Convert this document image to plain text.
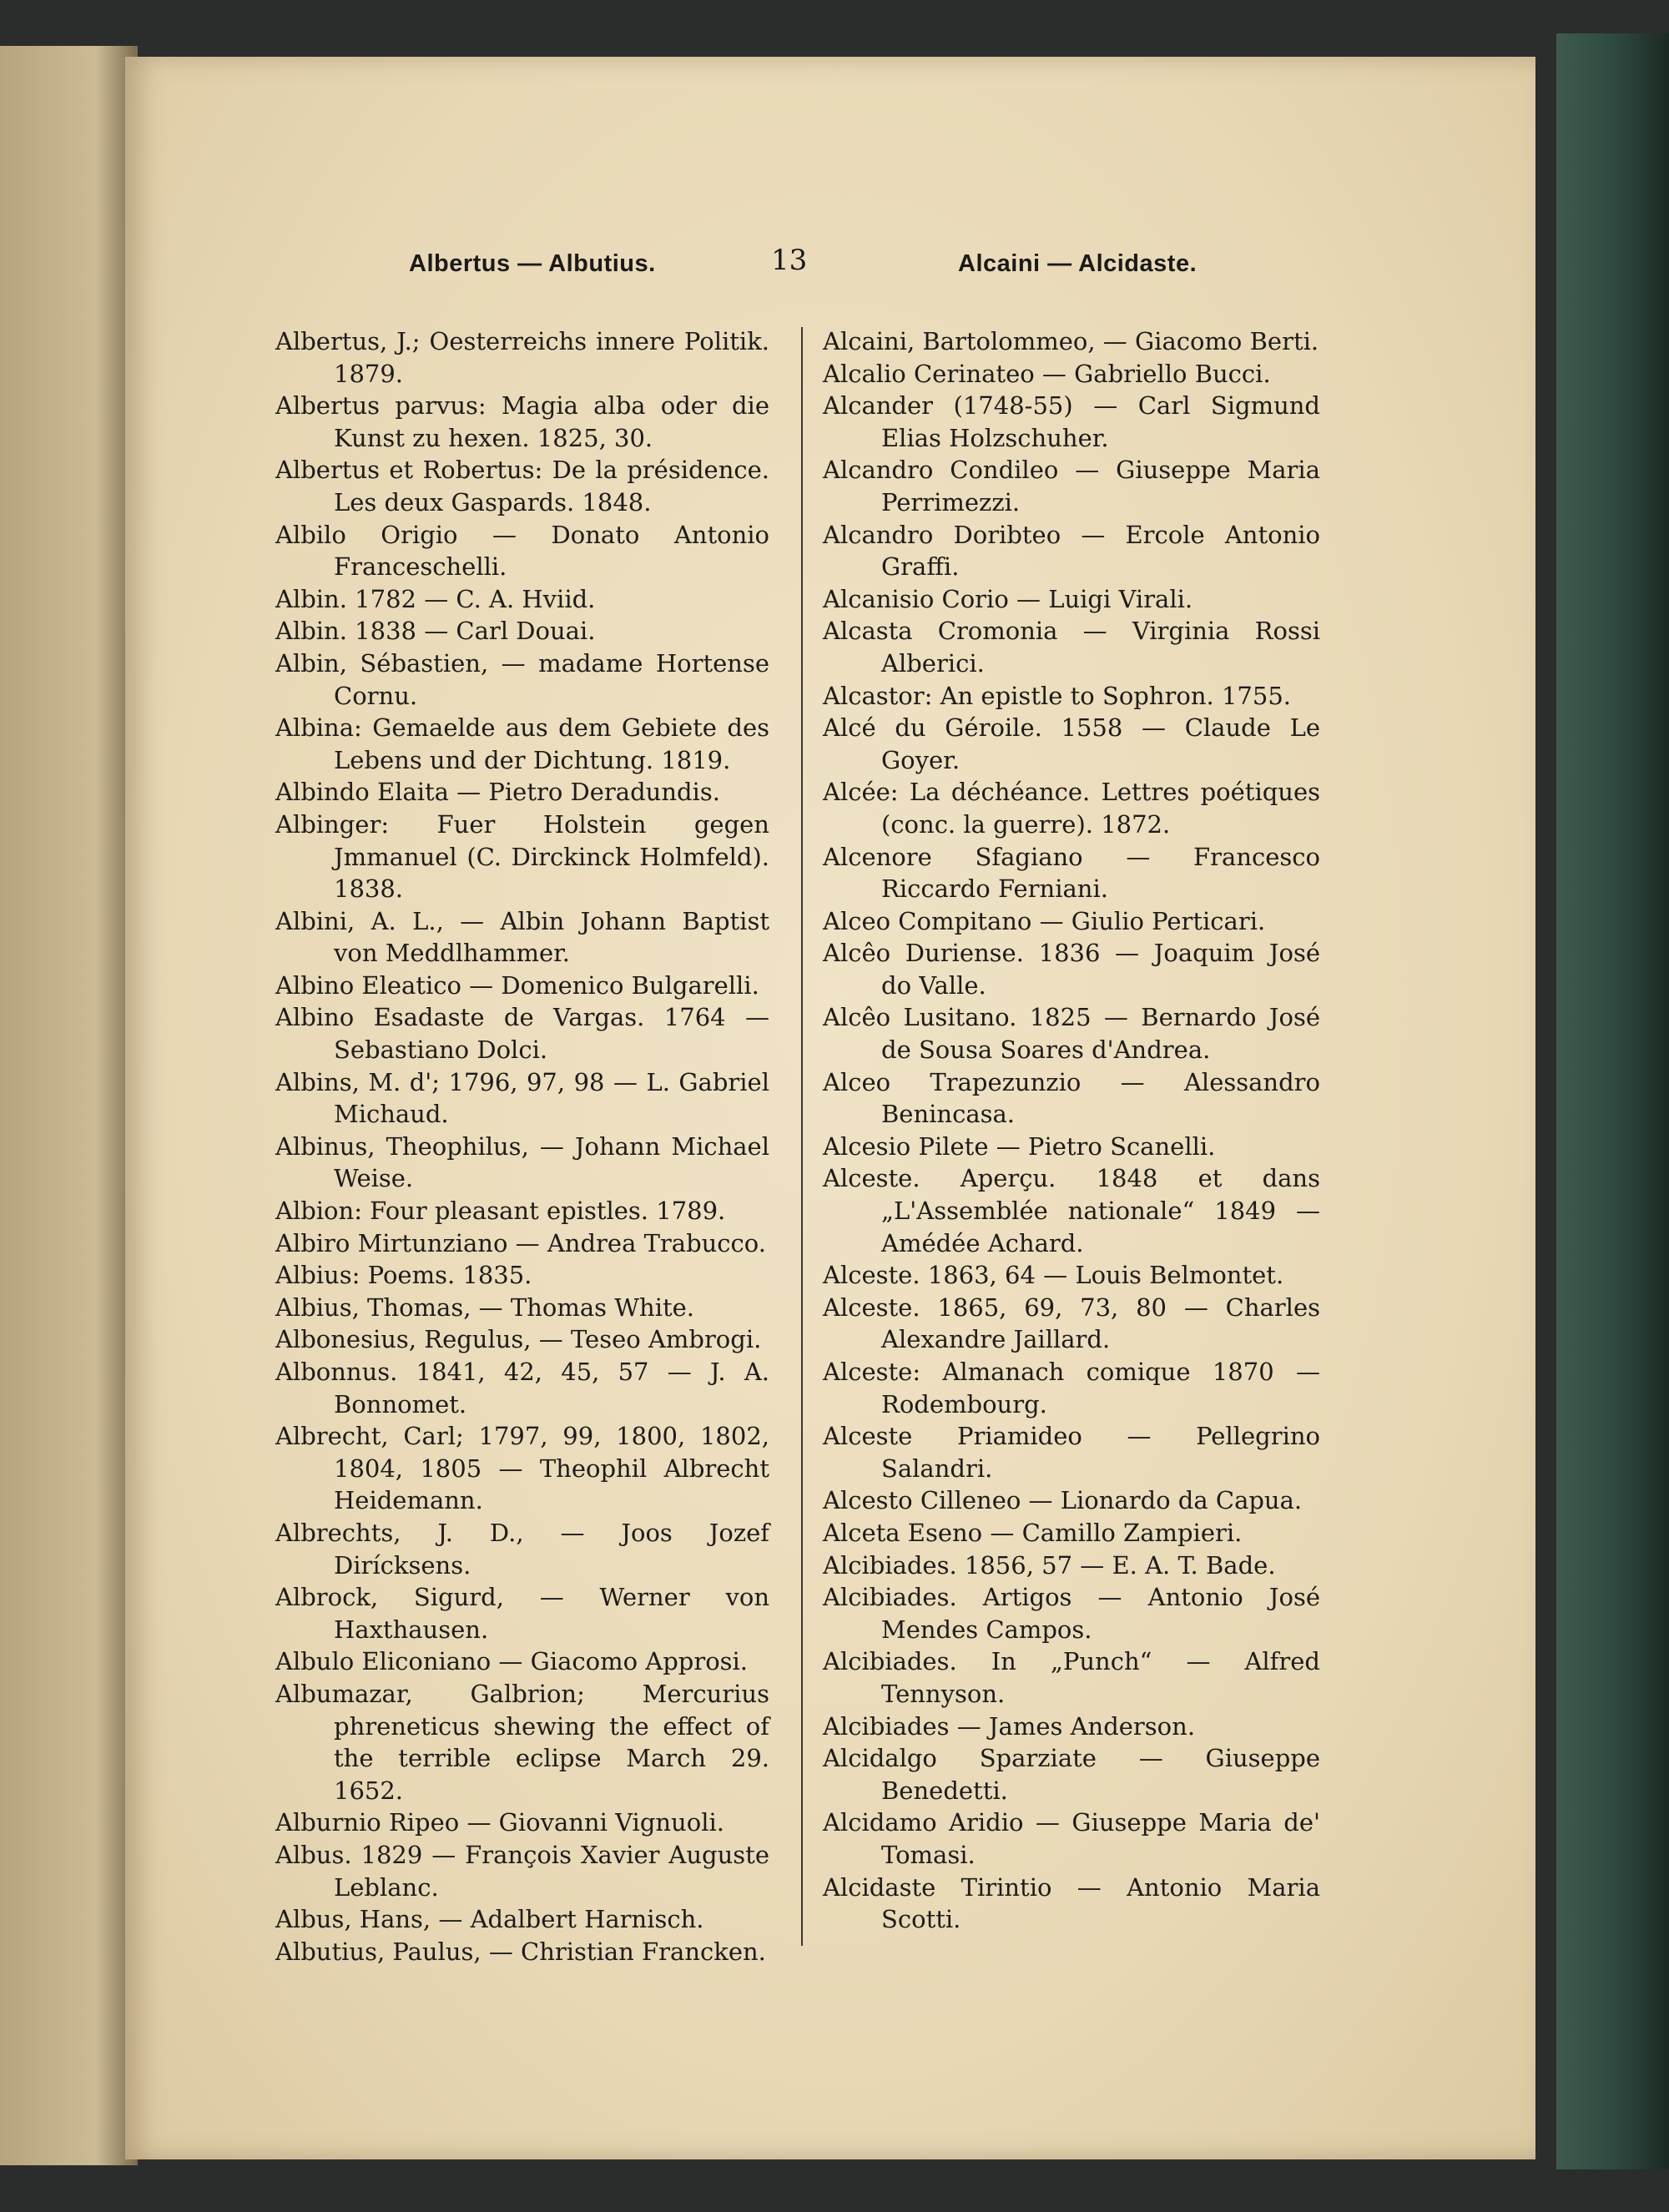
Albertus — Albutius.	13	Alcaini — Alcidaste.
Albertus, J.; Oesterreichs innere Politik. 1879.
Albertus parvus: Magia alba oder die Kunst zu hexen. 1825, 30.
Albertus et Robertus: De la présidence. Les deux Gaspards. 1848.
Albilo Origio — Donato Antonio Franceschelli.
Albin. 1782 — C. A. Hviid.
Albin. 1838 — Carl Douai.
Albin, Sébastien, — madame Hortense Cornu.
Albina: Gemaelde aus dem Gebiete des Lebens und der Dichtung. 1819.
Albindo Elaita — Pietro Deradundis.
Albinger: Fuer Holstein gegen Jmmanuel (C. Dirckinck Holmfeld). 1838.
Albini, A. L., — Albin Johann Baptist von Meddlhammer.
Albino Eleatico — Domenico Bulgarelli.
Albino Esadaste de Vargas. 1764 — Sebastiano Dolci.
Albins, M. d'; 1796, 97, 98 — L. Gabriel Michaud.
Albinus, Theophilus, — Johann Michael Weise.
Albion: Four pleasant epistles. 1789.
Albiro Mirtunziano — Andrea Trabucco.
Albius: Poems. 1835.
Albius, Thomas, — Thomas White.
Albonesius, Regulus, — Teseo Ambrogi.
Albonnus. 1841, 42, 45, 57 — J. A. Bonnomet.
Albrecht, Carl; 1797, 99, 1800, 1802, 1804, 1805 — Theophil Albrecht Heidemann.
Albrechts, J. D., — Joos Jozef Dirícksens.
Albrock, Sigurd, — Werner von Haxthausen.
Albulo Eliconiano — Giacomo Approsi.
Albumazar, Galbrion; Mercurius phreneticus shewing the effect of the terrible eclipse March 29. 1652.
Alburnio Ripeo — Giovanni Vignuoli.
Albus. 1829 — François Xavier Auguste Leblanc.
Albus, Hans, — Adalbert Harnisch.
Albutius, Paulus, — Christian Francken.
Alcaini, Bartolommeo, — Giacomo Berti.
Alcalio Cerinateo — Gabriello Bucci.
Alcander (1748-55) — Carl Sigmund Elias Holzschuher.
Alcandro Condileo — Giuseppe Maria Perrimezzi.
Alcandro Doribteo — Ercole Antonio Graffi.
Alcanisio Corio — Luigi Virali.
Alcasta Cromonia — Virginia Rossi Alberici.
Alcastor: An epistle to Sophron. 1755.
Alcé du Géroile. 1558 — Claude Le Goyer.
Alcée: La déchéance. Lettres poétiques (conc. la guerre). 1872.
Alcenore Sfagiano — Francesco Riccardo Ferniani.
Alceo Compitano — Giulio Perticari.
Alcêo Duriense. 1836 — Joaquim José do Valle.
Alcêo Lusitano. 1825 — Bernardo José de Sousa Soares d'Andrea.
Alceo Trapezunzio — Alessandro Benincasa.
Alcesio Pilete — Pietro Scanelli.
Alceste. Aperçu. 1848 et dans „L'Assemblée nationale“ 1849 — Amédée Achard.
Alceste. 1863, 64 — Louis Belmontet.
Alceste. 1865, 69, 73, 80 — Charles Alexandre Jaillard.
Alceste: Almanach comique 1870 — Rodembourg.
Alceste Priamideo — Pellegrino Salandri.
Alcesto Cilleneo — Lionardo da Capua.
Alceta Eseno — Camillo Zampieri.
Alcibiades. 1856, 57 — E. A. T. Bade.
Alcibiades. Artigos — Antonio José Mendes Campos.
Alcibiades. In „Punch“ — Alfred Tennyson.
Alcibiades — James Anderson.
Alcidalgo Sparziate — Giuseppe Benedetti.
Alcidamo Aridio — Giuseppe Maria de' Tomasi.
Alcidaste Tirintio — Antonio Maria Scotti.
